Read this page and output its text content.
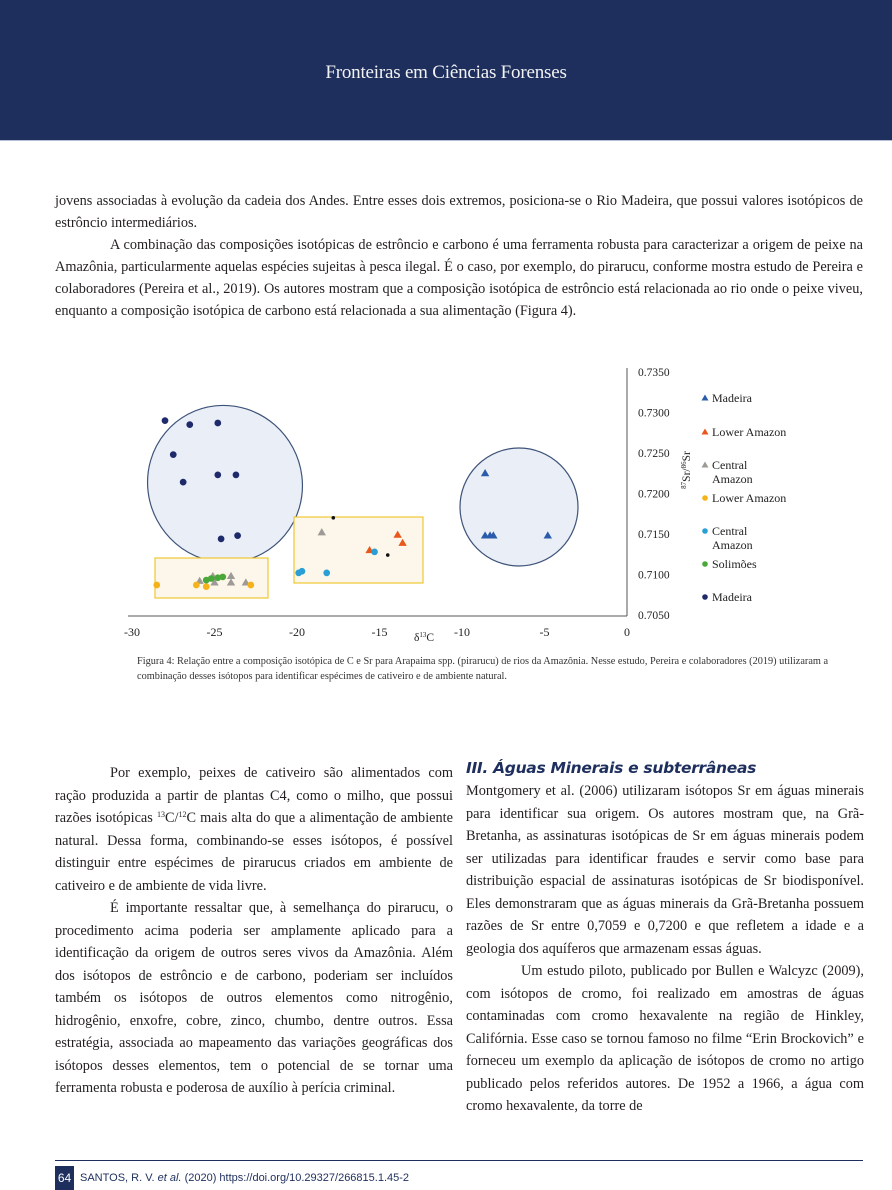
Fronteiras em Ciências Forenses

jovens associadas à evolução da cadeia dos Andes. Entre esses dois extremos, posiciona-se o Rio Madeira, que possui valores isotópicos de estrôncio intermediários.

A combinação das composições isotópicas de estrôncio e carbono é uma ferramenta robusta para caracterizar a origem de peixe na Amazônia, particularmente aquelas espécies sujeitas à pesca ilegal. É o caso, por exemplo, do pirarucu, conforme mostra estudo de Pereira e colaboradores (Pereira et al., 2019). Os autores mostram que a composição isotópica de estrôncio está relacionada ao rio onde o peixe viveu, enquanto a composição isotópica de carbono está relacionada a sua alimentação (Figura 4).

-30	-25	-20	-15	-10	-5	0
$\delta^{13}C$
0.7350
0.7300
0.7250
0.7200
0.7150
0.7100
0.7050
$^{87}$Sr/$^{86}$Sr
Madeira
Lower Amazon
Central
Amazon
Lower Amazon
Central
Amazon
Solimões
Madeira
Figura 4: Relação entre a composição isotópica de C e Sr para Arapaima spp. (pirarucu) de rios da Amazônia. Nesse estudo, Pereira e colaboradores (2019) utilizaram a combinação desses isótopos para identificar espécimes de cativeiro e de ambiente natural.

Por exemplo, peixes de cativeiro são alimentados com ração produzida a partir de plantas C4, como o milho, que possui razões isotópicas $^{13}$C/$^{12}$C mais alta do que a alimentação de ambiente natural. Dessa forma, combinando-se esses isótopos, é possível distinguir entre espécimes de pirarucus criados em ambiente de cativeiro e de ambiente de vida livre.

É importante ressaltar que, à semelhança do pirarucu, o procedimento acima poderia ser amplamente aplicado para a identificação da origem de outros seres vivos da Amazônia. Além dos isótopos de estrôncio e de carbono, poderiam ser incluídos também os isótopos de outros elementos como nitrogênio, hidrogênio, enxofre, cobre, zinco, chumbo, dentre outros. Essa estratégia, associada ao mapeamento das variações geográficas dos isótopos desses elementos, tem o potencial de se tornar uma ferramenta robusta e poderosa de auxílio à perícia criminal.

III. Águas Minerais e subterrâneas

Montgomery et al. (2006) utilizaram isótopos Sr em águas minerais para identificar sua origem. Os autores mostram que, na Grã-Bretanha, as assinaturas isotópicas de Sr em águas minerais podem ser utilizadas para identificar fraudes e servir como base para distribuição espacial de assinaturas isotópicas de Sr biodisponível. Eles demonstraram que as águas minerais da Grã-Bretanha possuem razões de Sr entre 0,7059 e 0,7200 e que refletem a idade e a geologia dos aquíferos que armazenam essas águas.

Um estudo piloto, publicado por Bullen e Walcyzc (2009), com isótopos de cromo, foi realizado em amostras de águas contaminadas com cromo hexavalente na região de Hinkley, Califórnia. Esse caso se tornou famoso no filme “Erin Brockovich” e forneceu um exemplo da aplicação de isótopos de cromo no artigo publicado pelos referidos autores. De 1952 a 1966, a água com cromo hexavalente, da torre de

64 SANTOS, R. V.
et al.
(2020) https://doi.org/10.29327/266815.1.45-2
